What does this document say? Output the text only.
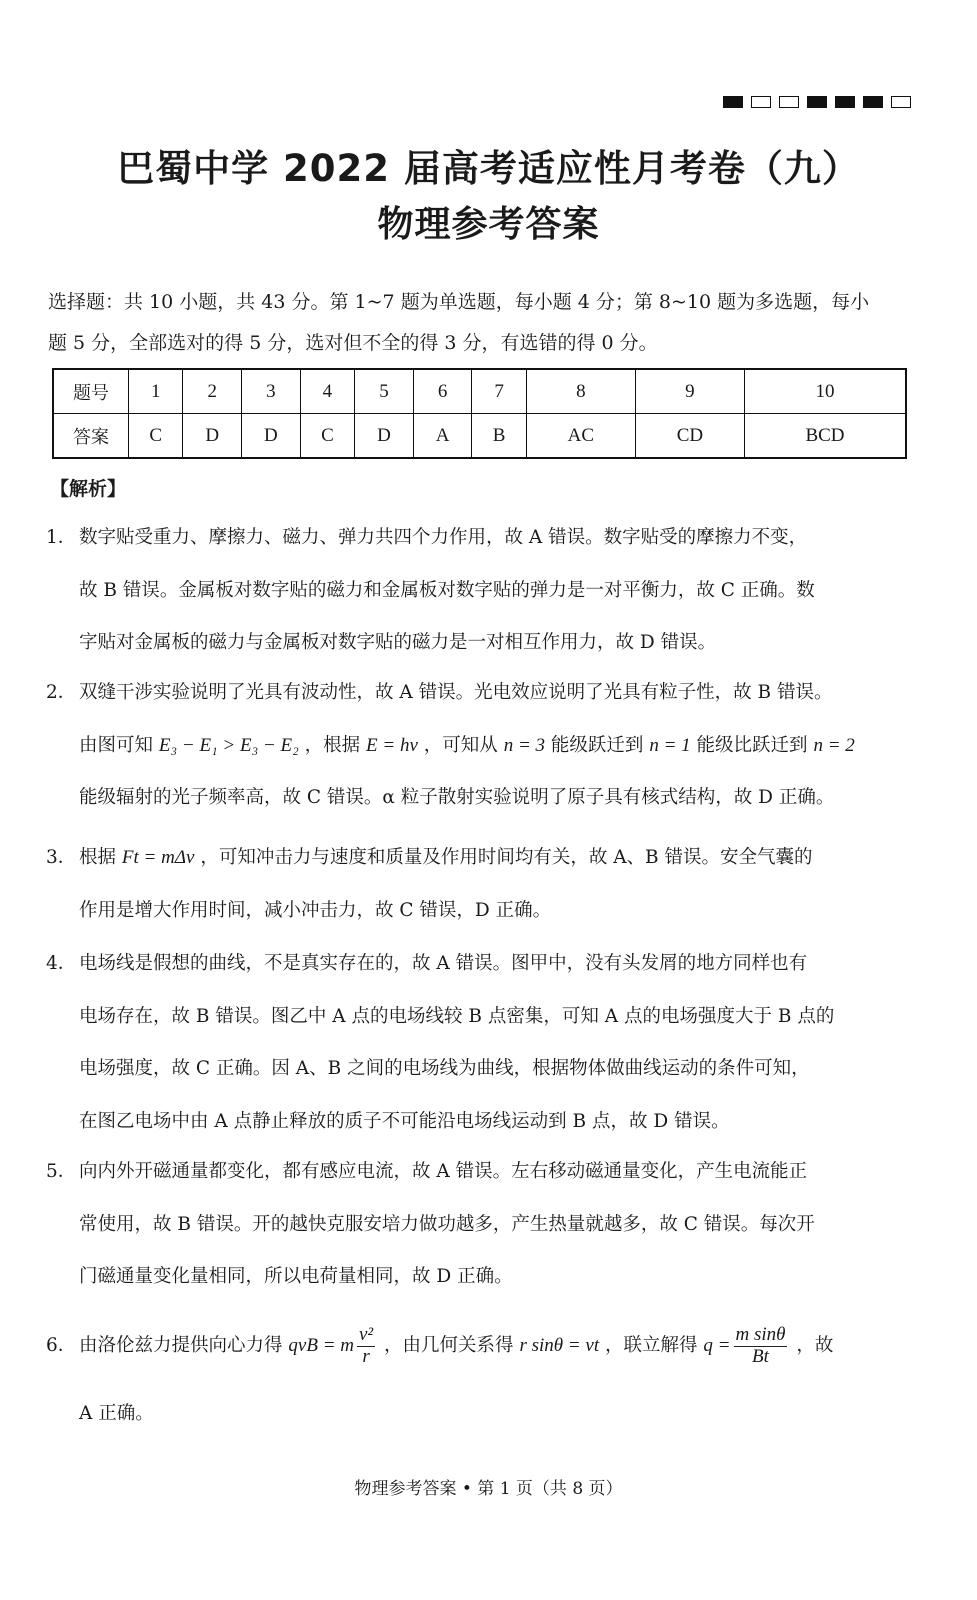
巴蜀中学 2022 届高考适应性月考卷（九）
物理参考答案
选择题：共 10 小题，共 43 分。第 1~7 题为单选题，每小题 4 分；第 8~10 题为多选题，每小
题 5 分，全部选对的得 5 分，选对但不全的得 3 分，有选错的得 0 分。
题号	1	2	3	4	5	6	7	8	9	10
答案	C	D	D	C	D	A	B	AC	CD	BCD
【解析】
1． 数字贴受重力、摩擦力、磁力、弹力共四个力作用，故 A 错误。数字贴受的摩擦力不变，
故 B 错误。金属板对数字贴的磁力和金属板对数字贴的弹力是一对平衡力，故 C 正确。数
字贴对金属板的磁力与金属板对数字贴的磁力是一对相互作用力，故 D 错误。
2． 双缝干涉实验说明了光具有波动性，故 A 错误。光电效应说明了光具有粒子性，故 B 错误。
由图可知 E₃ − E₁ > E₃ − E₂ ，根据 E = hν ，可知从 n = 3 能级跃迁到 n = 1 能级比跃迁到 n = 2
能级辐射的光子频率高，故 C 错误。α 粒子散射实验说明了原子具有核式结构，故 D 正确。
3． 根据 Ft = mΔv ，可知冲击力与速度和质量及作用时间均有关，故 A、B 错误。安全气囊的
作用是增大作用时间，减小冲击力，故 C 错误，D 正确。
4． 电场线是假想的曲线，不是真实存在的，故 A 错误。图甲中，没有头发屑的地方同样也有
电场存在，故 B 错误。图乙中 A 点的电场线较 B 点密集，可知 A 点的电场强度大于 B 点的
电场强度，故 C 正确。因 A、B 之间的电场线为曲线，根据物体做曲线运动的条件可知，
在图乙电场中由 A 点静止释放的质子不可能沿电场线运动到 B 点，故 D 错误。
5． 向内外开磁通量都变化，都有感应电流，故 A 错误。左右移动磁通量变化，产生电流能正
常使用，故 B 错误。开的越快克服安培力做功越多，产生热量就越多，故 C 错误。每次开
门磁通量变化量相同，所以电荷量相同，故 D 正确。
6． 由洛伦兹力提供向心力得 qvB = m $\frac{\text{v²}}{r}$ ，由几何关系得 r sinθ = vt ，联立解得 $q = \frac{\text{m sinθ}}{Bt}$ ，故
A 正确。
物理参考答案 • 第 1 页（共 8 页）
